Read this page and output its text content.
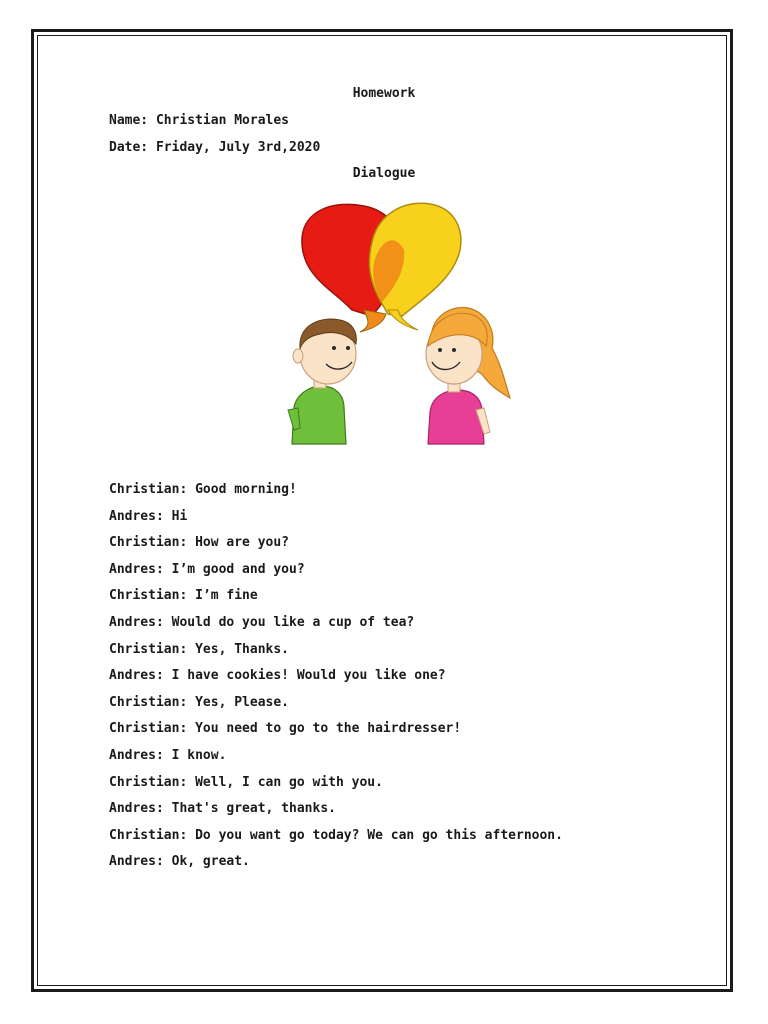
Homework
Name: Christian Morales
Date: Friday, July 3rd,2020
Dialogue
Christian: Good morning!
Andres: Hi
Christian: How are you?
Andres: I’m good and you?
Christian: I’m fine
Andres: Would do you like a cup of tea?
Christian: Yes, Thanks.
Andres: I have cookies! Would you like one?
Christian: Yes, Please.
Christian: You need to go to the hairdresser!
Andres: I know.
Christian: Well, I can go with you.
Andres: That's great, thanks.
Christian: Do you want go today? We can go this afternoon.
Andres: Ok, great.
